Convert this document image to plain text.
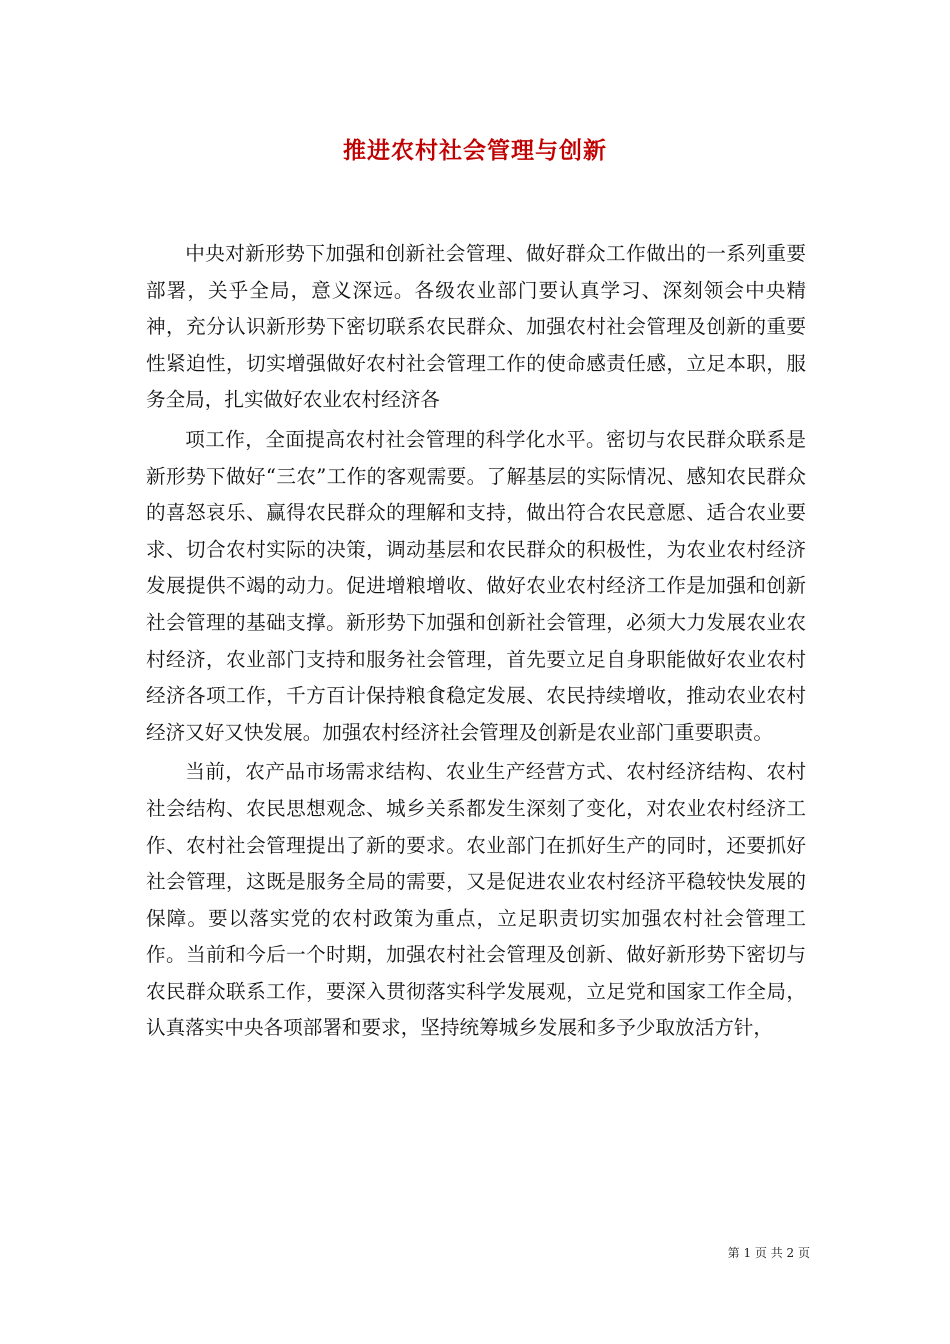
推进农村社会管理与创新

中央对新形势下加强和创新社会管理、做好群众工作做出的一系列重要部署，关乎全局，意义深远。各级农业部门要认真学习、深刻领会中央精神，充分认识新形势下密切联系农民群众、加强农村社会管理及创新的重要性紧迫性，切实增强做好农村社会管理工作的使命感责任感，立足本职，服务全局，扎实做好农业农村经济各

项工作，全面提高农村社会管理的科学化水平。密切与农民群众联系是新形势下做好“三农”工作的客观需要。了解基层的实际情况、感知农民群众的喜怒哀乐、赢得农民群众的理解和支持，做出符合农民意愿、适合农业要求、切合农村实际的决策，调动基层和农民群众的积极性，为农业农村经济发展提供不竭的动力。促进增粮增收、做好农业农村经济工作是加强和创新社会管理的基础支撑。新形势下加强和创新社会管理，必须大力发展农业农村经济，农业部门支持和服务社会管理，首先要立足自身职能做好农业农村经济各项工作，千方百计保持粮食稳定发展、农民持续增收，推动农业农村经济又好又快发展。加强农村经济社会管理及创新是农业部门重要职责。

当前，农产品市场需求结构、农业生产经营方式、农村经济结构、农村社会结构、农民思想观念、城乡关系都发生深刻了变化，对农业农村经济工作、农村社会管理提出了新的要求。农业部门在抓好生产的同时，还要抓好社会管理，这既是服务全局的需要，又是促进农业农村经济平稳较快发展的保障。要以落实党的农村政策为重点，立足职责切实加强农村社会管理工作。当前和今后一个时期，加强农村社会管理及创新、做好新形势下密切与农民群众联系工作，要深入贯彻落实科学发展观，立足党和国家工作全局，认真落实中央各项部署和要求，坚持统筹城乡发展和多予少取放活方针，

第 1 页 共 2 页
